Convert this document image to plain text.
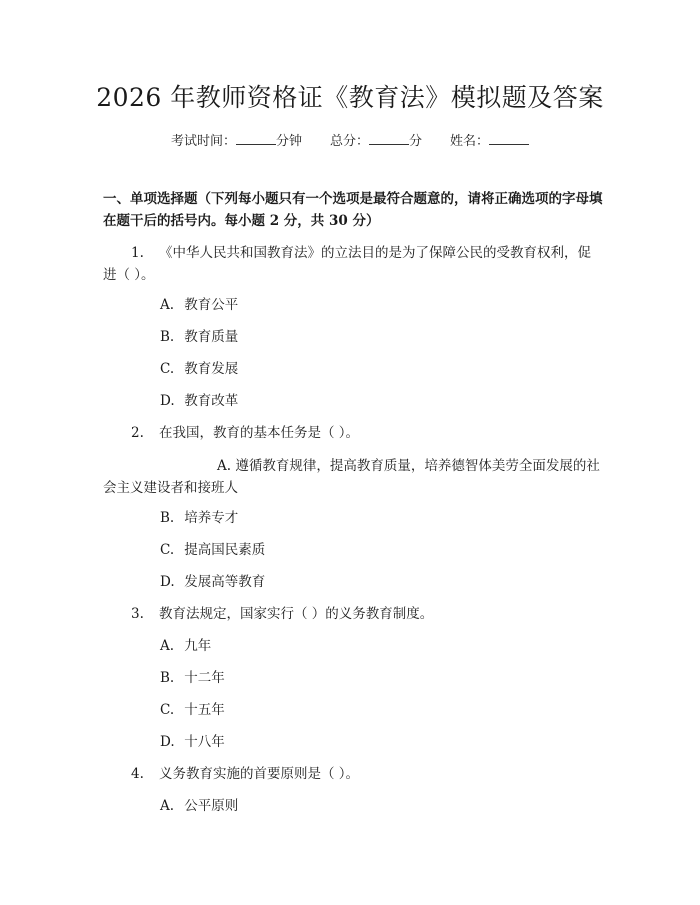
2026 年教师资格证《教育法》模拟题及答案
考试时间：	分钟 总分：	分 姓名：

一、单项选择题（下列每小题只有一个选项是最符合题意的，请将正确选项的字母填在题干后的括号内。每小题 2 分，共 30 分）

1. 《中华人民共和国教育法》的立法目的是为了保障公民的受教育权利，促进（ ）。

A. 教育公平

B. 教育质量

C. 教育发展

D. 教育改革

2. 在我国，教育的基本任务是（ ）。

A. 遵循教育规律，提高教育质量，培养德智体美劳全面发展的社会主义建设者和接班人

B. 培养专才

C. 提高国民素质

D. 发展高等教育

3. 教育法规定，国家实行（ ）的义务教育制度。

A. 九年

B. 十二年

C. 十五年

D. 十八年

4. 义务教育实施的首要原则是（ ）。

A. 公平原则
